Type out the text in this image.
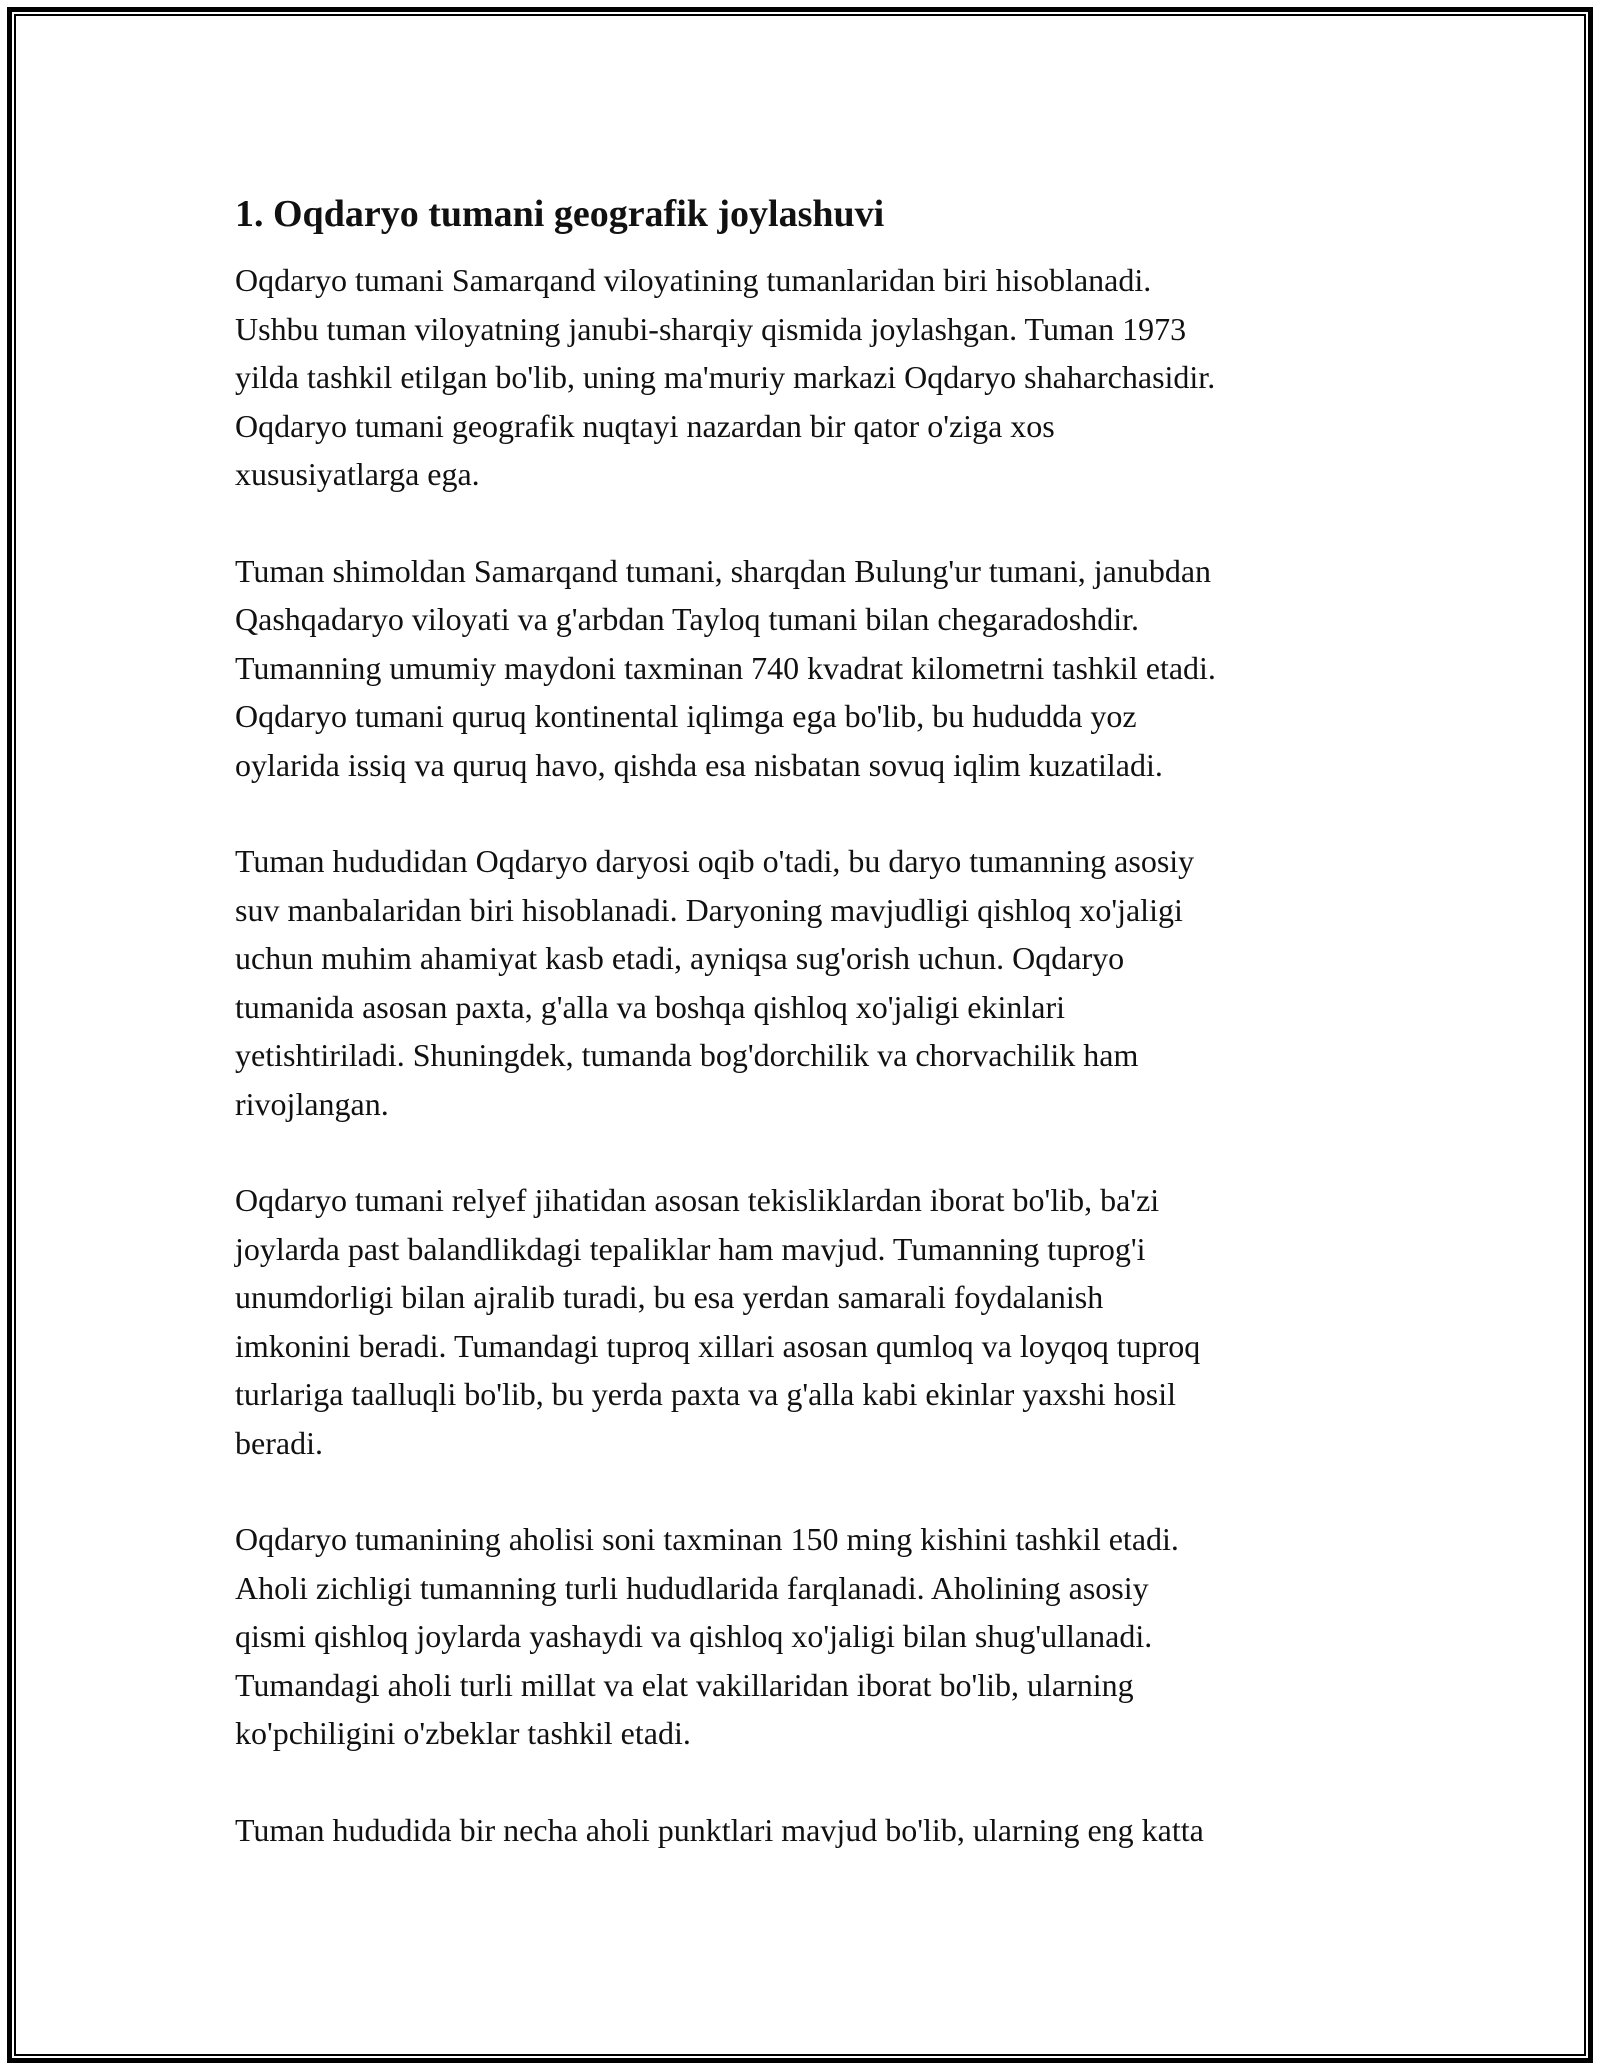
1. Oqdaryo tumani geografik joylashuvi
Oqdaryo tumani Samarqand viloyatining tumanlaridan biri hisoblanadi.
Ushbu tuman viloyatning janubi-sharqiy qismida joylashgan. Tuman 1973
yilda tashkil etilgan bo'lib, uning ma'muriy markazi Oqdaryo shaharchasidir.
Oqdaryo tumani geografik nuqtayi nazardan bir qator o'ziga xos
xususiyatlarga ega.
Tuman shimoldan Samarqand tumani, sharqdan Bulung'ur tumani, janubdan
Qashqadaryo viloyati va g'arbdan Tayloq tumani bilan chegaradoshdir.
Tumanning umumiy maydoni taxminan 740 kvadrat kilometrni tashkil etadi.
Oqdaryo tumani quruq kontinental iqlimga ega bo'lib, bu hududda yoz
oylarida issiq va quruq havo, qishda esa nisbatan sovuq iqlim kuzatiladi.
Tuman hududidan Oqdaryo daryosi oqib o'tadi, bu daryo tumanning asosiy
suv manbalaridan biri hisoblanadi. Daryoning mavjudligi qishloq xo'jaligi
uchun muhim ahamiyat kasb etadi, ayniqsa sug'orish uchun. Oqdaryo
tumanida asosan paxta, g'alla va boshqa qishloq xo'jaligi ekinlari
yetishtiriladi. Shuningdek, tumanda bog'dorchilik va chorvachilik ham
rivojlangan.
Oqdaryo tumani relyef jihatidan asosan tekisliklardan iborat bo'lib, ba'zi
joylarda past balandlikdagi tepaliklar ham mavjud. Tumanning tuprog'i
unumdorligi bilan ajralib turadi, bu esa yerdan samarali foydalanish
imkonini beradi. Tumandagi tuproq xillari asosan qumloq va loyqoq tuproq
turlariga taalluqli bo'lib, bu yerda paxta va g'alla kabi ekinlar yaxshi hosil
beradi.
Oqdaryo tumanining aholisi soni taxminan 150 ming kishini tashkil etadi.
Aholi zichligi tumanning turli hududlarida farqlanadi. Aholining asosiy
qismi qishloq joylarda yashaydi va qishloq xo'jaligi bilan shug'ullanadi.
Tumandagi aholi turli millat va elat vakillaridan iborat bo'lib, ularning
ko'pchiligini o'zbeklar tashkil etadi.
Tuman hududida bir necha aholi punktlari mavjud bo'lib, ularning eng katta
